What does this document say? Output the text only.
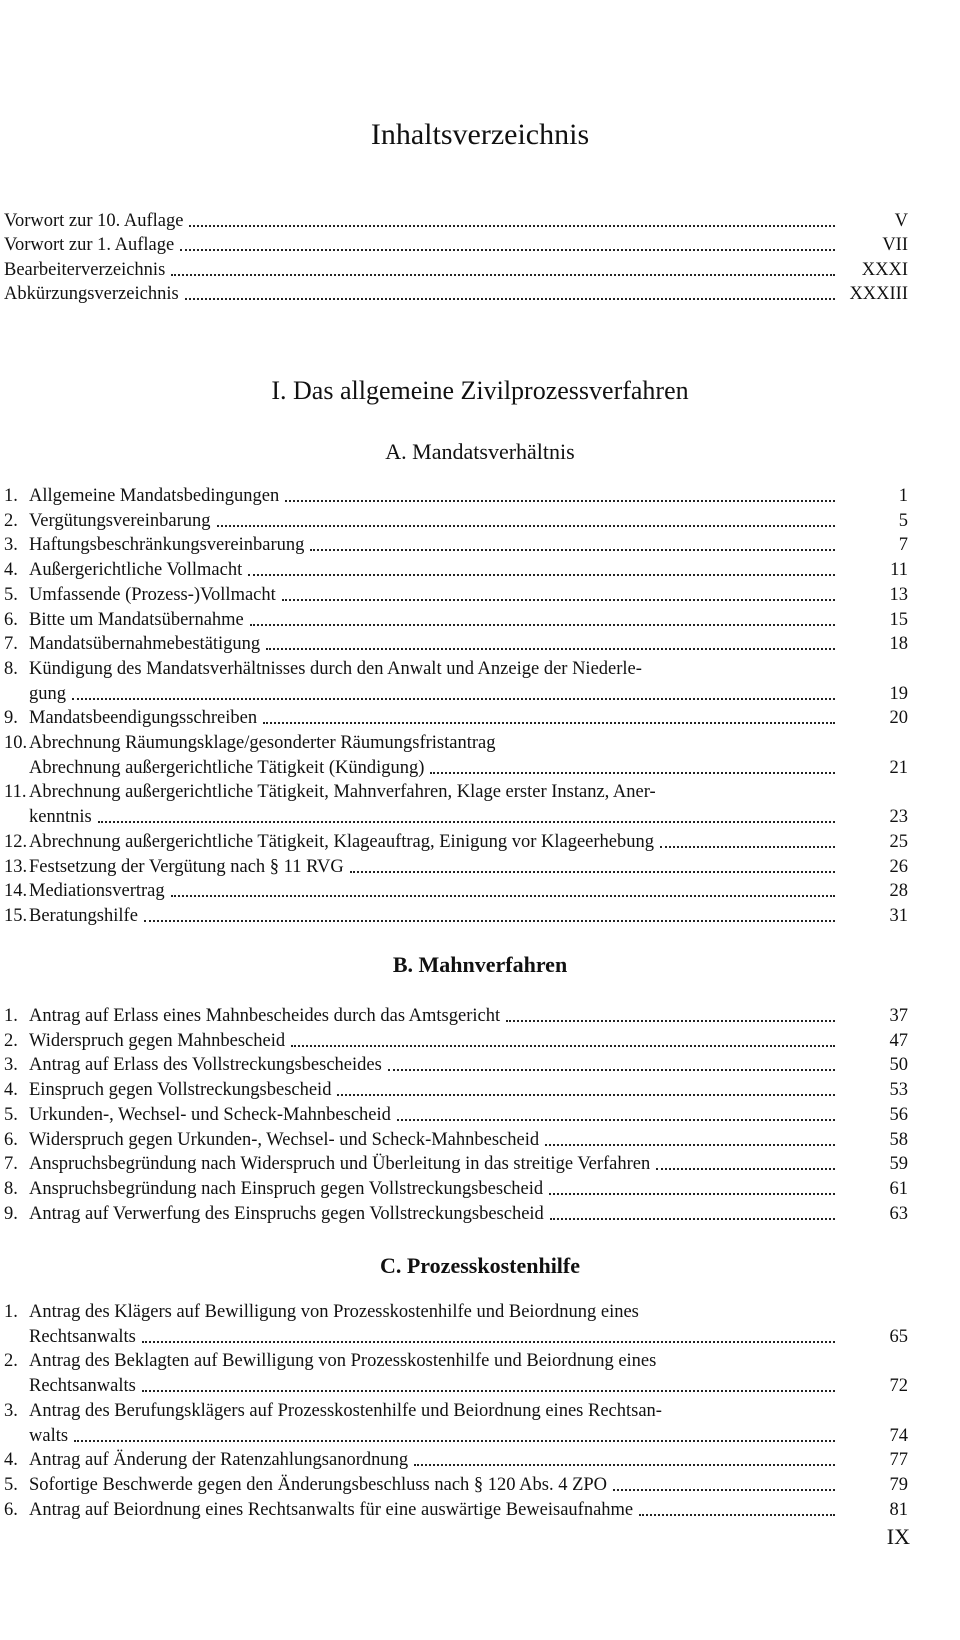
Inhaltsverzeichnis
Vorwort zur 10. Auflage	V
Vorwort zur 1. Auflage	VII
Bearbeiterverzeichnis	XXXI
Abkürzungsverzeichnis	XXXIII
1. Allgemeine Mandatsbedingungen	1
2. Vergütungsvereinbarung	5
3. Haftungsbeschränkungsvereinbarung	7
4. Außergerichtliche Vollmacht	11
5. Umfassende (Prozess-)Vollmacht	13
6. Bitte um Mandatsübernahme	15
7. Mandatsübernahmebestätigung	18
8. Kündigung des Mandatsverhältnisses durch den Anwalt und Anzeige der Niederle-
gung	19
9. Mandatsbeendigungsschreiben	20
10. Abrechnung Räumungsklage/gesonderter Räumungsfristantrag
Abrechnung außergerichtliche Tätigkeit (Kündigung)	21
11. Abrechnung außergerichtliche Tätigkeit, Mahnverfahren, Klage erster Instanz, Aner-
kenntnis	23
12. Abrechnung außergerichtliche Tätigkeit, Klageauftrag, Einigung vor Klageerhebung	25
13. Festsetzung der Vergütung nach § 11 RVG	26
14. Mediationsvertrag	28
15. Beratungshilfe	31
1. Antrag auf Erlass eines Mahnbescheides durch das Amtsgericht	37
2. Widerspruch gegen Mahnbescheid	47
3. Antrag auf Erlass des Vollstreckungsbescheides	50
4. Einspruch gegen Vollstreckungsbescheid	53
5. Urkunden-, Wechsel- und Scheck-Mahnbescheid	56
6. Widerspruch gegen Urkunden-, Wechsel- und Scheck-Mahnbescheid	58
7. Anspruchsbegründung nach Widerspruch und Überleitung in das streitige Verfahren	59
8. Anspruchsbegründung nach Einspruch gegen Vollstreckungsbescheid	61
9. Antrag auf Verwerfung des Einspruchs gegen Vollstreckungsbescheid	63
1. Antrag des Klägers auf Bewilligung von Prozesskostenhilfe und Beiordnung eines
Rechtsanwalts	65
2. Antrag des Beklagten auf Bewilligung von Prozesskostenhilfe und Beiordnung eines
Rechtsanwalts	72
3. Antrag des Berufungsklägers auf Prozesskostenhilfe und Beiordnung eines Rechtsan-
walts	74
4. Antrag auf Änderung der Ratenzahlungsanordnung	77
5. Sofortige Beschwerde gegen den Änderungsbeschluss nach § 120 Abs. 4 ZPO	79
6. Antrag auf Beiordnung eines Rechtsanwalts für eine auswärtige Beweisaufnahme	81
I. Das allgemeine Zivilprozessverfahren
A. Mandatsverhältnis
B. Mahnverfahren
C. Prozesskostenhilfe
IX
